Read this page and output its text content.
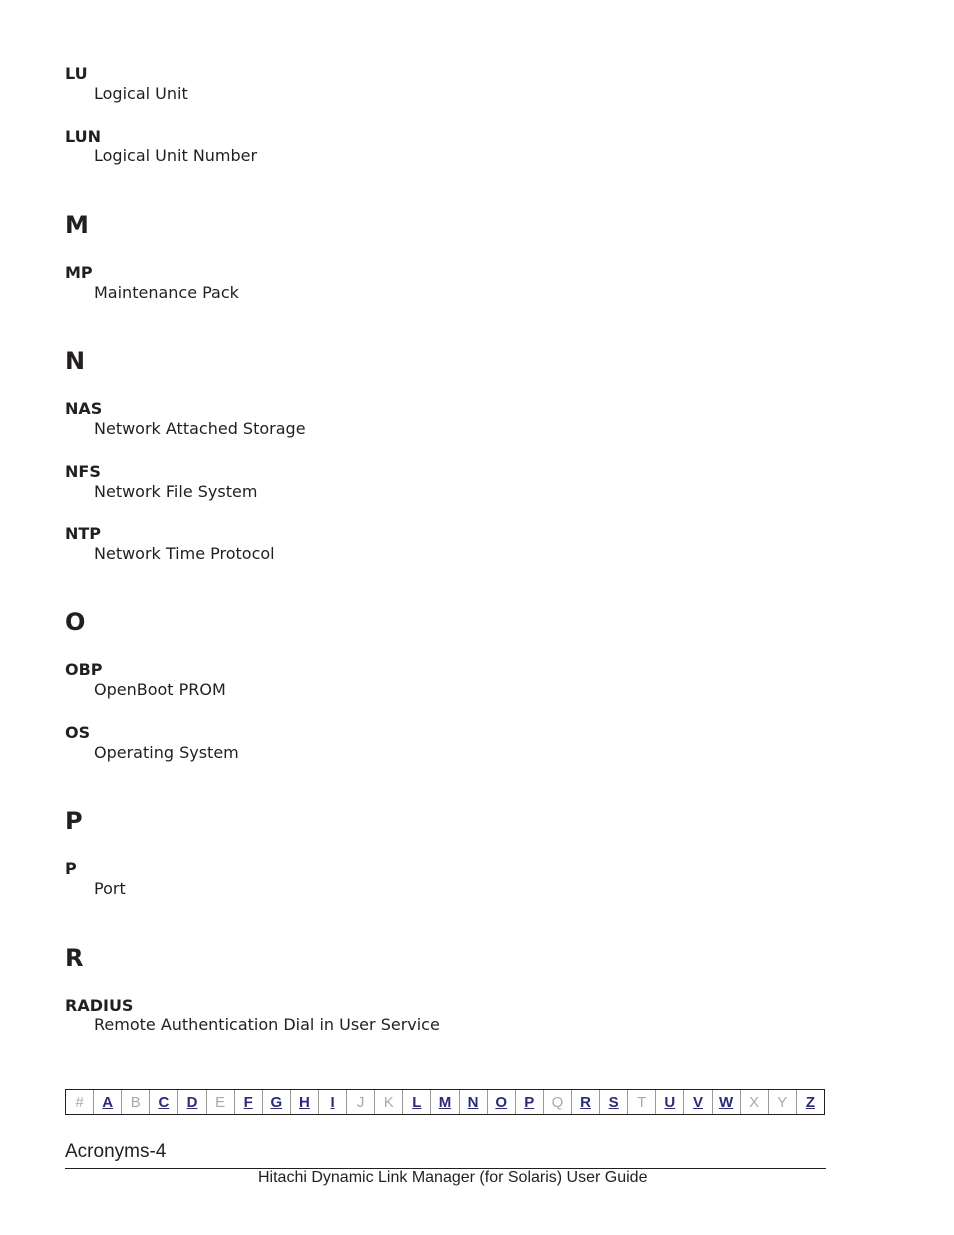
LU
Logical Unit
LUN
Logical Unit Number
M
MP
Maintenance Pack
N
NAS
Network Attached Storage
NFS
Network File System
NTP
Network Time Protocol
O
OBP
OpenBoot PROM
OS
Operating System
P
P
Port
R
RADIUS
Remote Authentication Dial in User Service
#	A	B	C	D	E	F	G	H	I	J	K	L	M	N	O	P	Q	R	S	T	U	V	W	X	Y	Z
Acronyms-4
Hitachi Dynamic Link Manager (for Solaris) User Guide
